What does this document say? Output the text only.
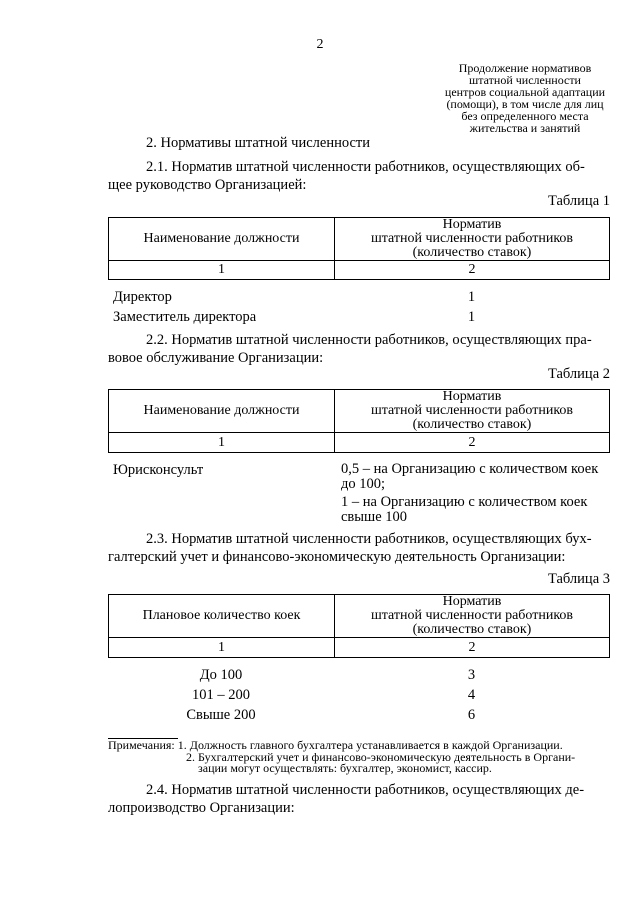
2
Продолжение нормативов
штатной численности
центров социальной адаптации
(помощи), в том числе для лиц
без определенного места
жительства и занятий
2. Нормативы штатной численности
2.1. Норматив штатной численности работников, осуществляющих об-
щее руководство Организацией:
Таблица 1
Наименование должности	Норматив
штатной численности работников
(количество ставок)

1	2
Директор	1
Заместитель директора	1
2.2. Норматив штатной численности работников, осуществляющих пра-
вовое обслуживание Организации:
Таблица 2
Наименование должности	Норматив
штатной численности работников
(количество ставок)

1	2
Юрисконсульт	0,5 – на Организацию с количеством коек
до 100;
1 – на Организацию с количеством коек
свыше 100
2.3. Норматив штатной численности работников, осуществляющих бух-
галтерский учет и финансово-экономическую деятельность Организации:
Таблица 3
Плановое количество коек	Норматив
штатной численности работников
(количество ставок)

1	2
До 100	3
101 – 200	4
Свыше 200	6
Примечания: 1. Должность главного бухгалтера устанавливается в каждой Организации.
2. Бухгалтерский учет и финансово-экономическую деятельность в Органи-
зации могут осуществлять: бухгалтер, экономист, кассир.
2.4. Норматив штатной численности работников, осуществляющих де-
лопроизводство Организации:
